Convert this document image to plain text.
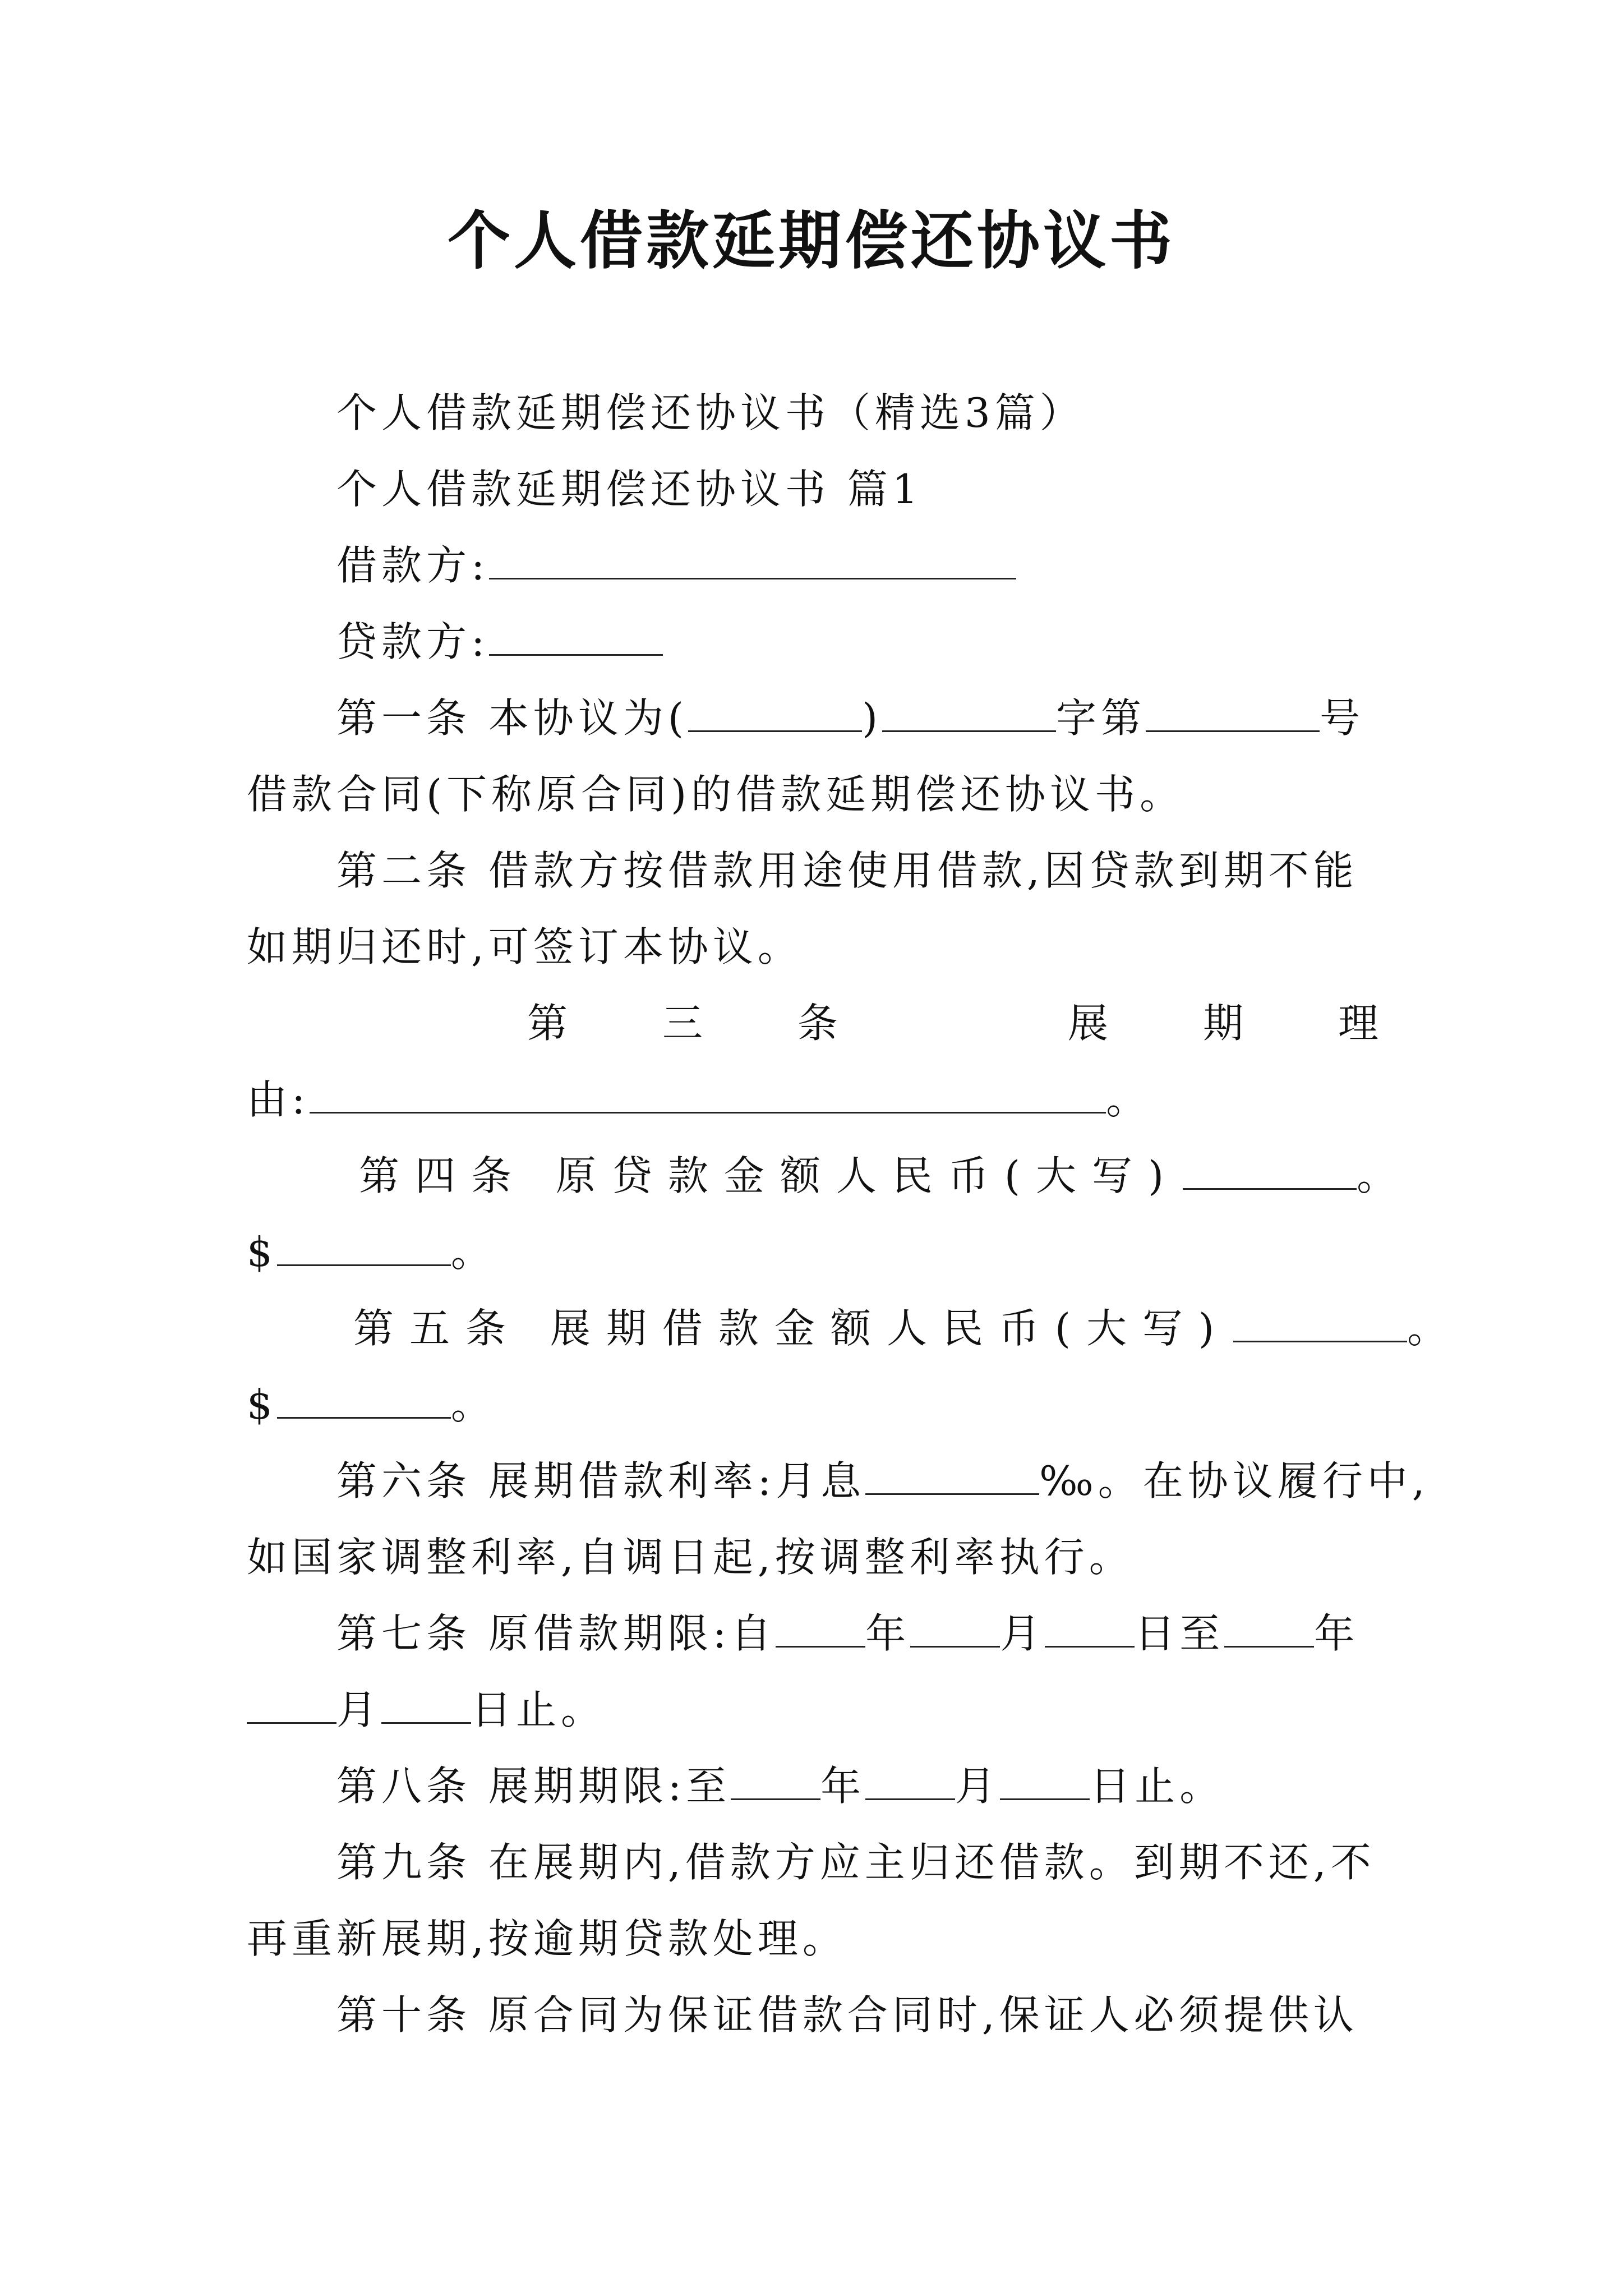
个人借款延期偿还协议书

个人借款延期偿还协议书（精选3篇）

个人借款延期偿还协议书 篇1

借款方:

贷款方:

第一条 本协议为(	)	字第	号

借款合同(下称原合同)的借款延期偿还协议书。

第二条 借款方按借款用途使用借款,因贷款到期不能

如期归还时,可签订本协议。

第 三 条	展 期 理

由:	。

第四条 原贷款金额人民币(大写)	。

$	。

第五条 展期借款金额人民币(大写)	。

$	。

第六条 展期借款利率:月息	‰。在协议履行中,

如国家调整利率,自调日起,按调整利率执行。

第七条 原借款期限:自 年 月 日至 年

月 日止。

第八条 展期期限:至 年 月 日止。

第九条 在展期内,借款方应主归还借款。到期不还,不

再重新展期,按逾期贷款处理。

第十条 原合同为保证借款合同时,保证人必须提供认
